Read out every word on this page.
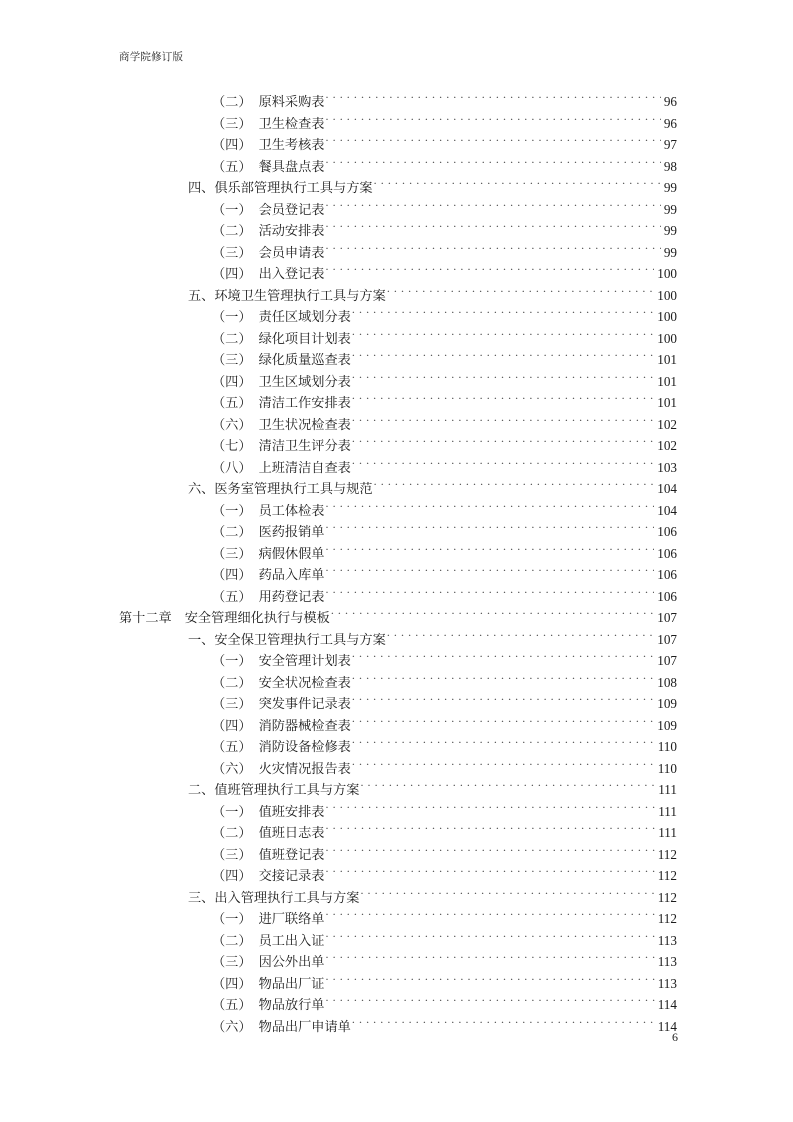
商学院修订版
（二） 原料采购表 . . .	96
（三） 卫生检查表 . . .	96
（四） 卫生考核表 . . .	97
（五） 餐具盘点表 . . .	98
四、俱乐部管理执行工具与方案 . . .	99
（一） 会员登记表 . . .	99
（二） 活动安排表 . . .	99
（三） 会员申请表 . . .	99
（四） 出入登记表 . . .	100
五、环境卫生管理执行工具与方案 . . .	100
（一） 责任区域划分表 . . .	100
（二） 绿化项目计划表 . . .	100
（三） 绿化质量巡查表 . . .	101
（四） 卫生区域划分表 . . .	101
（五） 清洁工作安排表 . . .	101
（六） 卫生状况检查表 . . .	102
（七） 清洁卫生评分表 . . .	102
（八） 上班清洁自查表 . . .	103
六、医务室管理执行工具与规范 . . .	104
（一） 员工体检表 . . .	104
（二） 医药报销单 . . .	106
（三） 病假休假单 . . .	106
（四） 药品入库单 . . .	106
（五） 用药登记表 . . .	106
第十二章 安全管理细化执行与模板 . . .	107
一、安全保卫管理执行工具与方案 . . .	107
（一） 安全管理计划表 . . .	107
（二） 安全状况检查表 . . .	108
（三） 突发事件记录表 . . .	109
（四） 消防器械检查表 . . .	109
（五） 消防设备检修表 . . .	110
（六） 火灾情况报告表 . . .	110
二、值班管理执行工具与方案 . . .	111
（一） 值班安排表 . . .	111
（二） 值班日志表 . . .	111
（三） 值班登记表 . . .	112
（四） 交接记录表 . . .	112
三、出入管理执行工具与方案 . . .	112
（一） 进厂联络单 . . .	112
（二） 员工出入证 . . .	113
（三） 因公外出单 . . .	113
（四） 物品出厂证 . . .	113
（五） 物品放行单 . . .	114
（六） 物品出厂申请单 . . .	114
6
